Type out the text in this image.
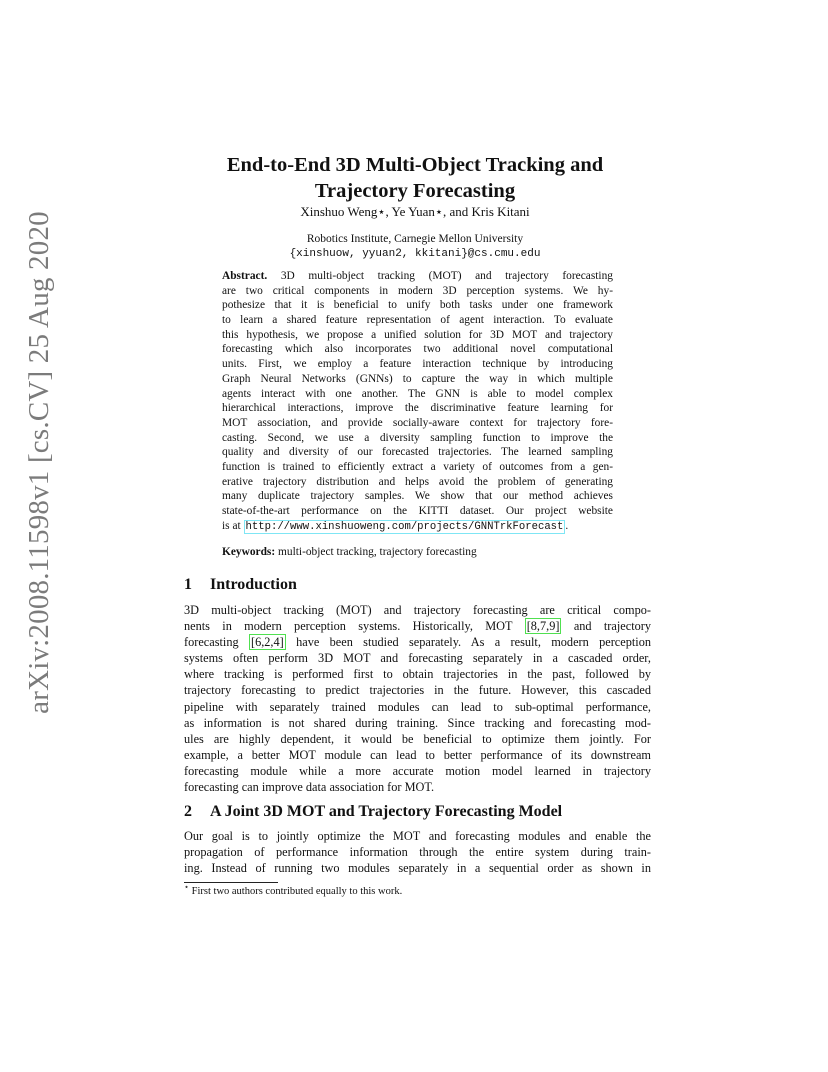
arXiv:2008.11598v1 [cs.CV] 25 Aug 2020
End-to-End 3D Multi-Object Tracking and
Trajectory Forecasting
Xinshuo Weng⋆, Ye Yuan⋆, and Kris Kitani
Robotics Institute, Carnegie Mellon University
{xinshuow, yyuan2, kkitani}@cs.cmu.edu
Abstract. 3D multi-object tracking (MOT) and trajectory forecasting
are two critical components in modern 3D perception systems. We hy-
pothesize that it is beneficial to unify both tasks under one framework
to learn a shared feature representation of agent interaction. To evaluate
this hypothesis, we propose a unified solution for 3D MOT and trajectory
forecasting which also incorporates two additional novel computational
units. First, we employ a feature interaction technique by introducing
Graph Neural Networks (GNNs) to capture the way in which multiple
agents interact with one another. The GNN is able to model complex
hierarchical interactions, improve the discriminative feature learning for
MOT association, and provide socially-aware context for trajectory fore-
casting. Second, we use a diversity sampling function to improve the
quality and diversity of our forecasted trajectories. The learned sampling
function is trained to efficiently extract a variety of outcomes from a gen-
erative trajectory distribution and helps avoid the problem of generating
many duplicate trajectory samples. We show that our method achieves
state-of-the-art performance on the KITTI dataset. Our project website
is at http://www.xinshuoweng.com/projects/GNNTrkForecast .
Keywords: multi-object tracking, trajectory forecasting
1 Introduction
3D multi-object tracking (MOT) and trajectory forecasting are critical compo-
nents in modern perception systems. Historically, MOT [8,7,9] and trajectory
forecasting [6,2,4] have been studied separately. As a result, modern perception
systems often perform 3D MOT and forecasting separately in a cascaded order,
where tracking is performed first to obtain trajectories in the past, followed by
trajectory forecasting to predict trajectories in the future. However, this cascaded
pipeline with separately trained modules can lead to sub-optimal performance,
as information is not shared during training. Since tracking and forecasting mod-
ules are highly dependent, it would be beneficial to optimize them jointly. For
example, a better MOT module can lead to better performance of its downstream
forecasting module while a more accurate motion model learned in trajectory
forecasting can improve data association for MOT.
2 A Joint 3D MOT and Trajectory Forecasting Model
Our goal is to jointly optimize the MOT and forecasting modules and enable the
propagation of performance information through the entire system during train-
ing. Instead of running two modules separately in a sequential order as shown in
⋆ First two authors contributed equally to this work.
